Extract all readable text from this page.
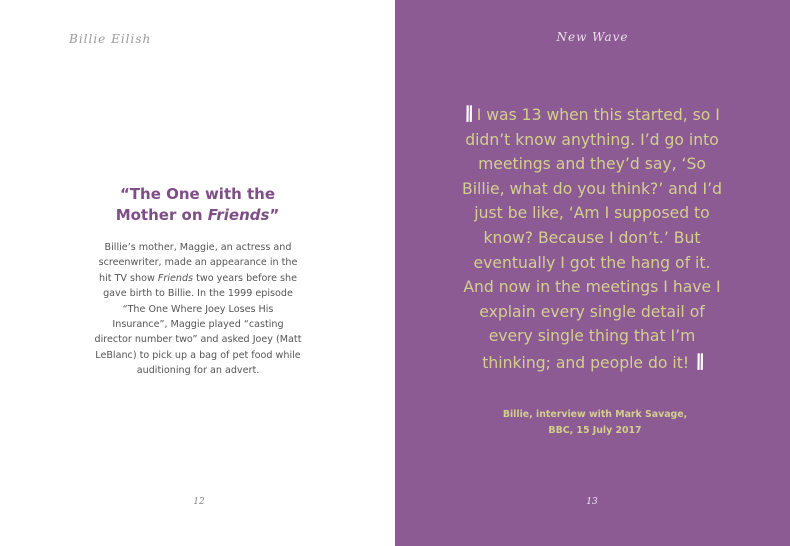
Billie Eilish
“The One with the
Mother on Friends”
Billie’s mother, Maggie, an actress and screenwriter, made an appearance in the hit TV show Friends two years before she gave birth to Billie. In the 1999 episode “The One Where Joey Loses His Insurance”, Maggie played “casting director number two” and asked Joey (Matt LeBlanc) to pick up a bag of pet food while auditioning for an advert.
12
New Wave
13
\\ I was 13 when this started, so I didn’t know anything. I’d go into meetings and they’d say, ‘So Billie, what do you think?’ and I’d just be like, ‘Am I supposed to know? Because I don’t.’ But eventually I got the hang of it. And now in the meetings I have I explain every single detail of every single thing that I’m thinking; and people do it! \\
Billie, interview with Mark Savage,
BBC, 15 July 2017
